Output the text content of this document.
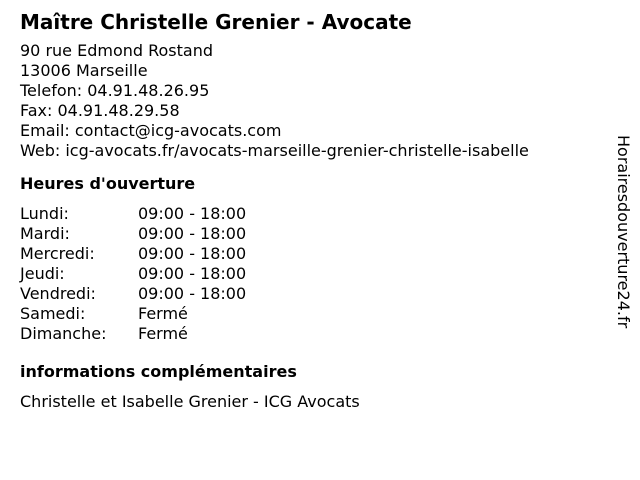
Maître Christelle Grenier - Avocate
90 rue Edmond Rostand
13006 Marseille
Telefon: 04.91.48.26.95
Fax: 04.91.48.29.58
Email: contact@icg-avocats.com
Web: icg-avocats.fr/avocats-marseille-grenier-christelle-isabelle
Heures d'ouverture
Lundi:	09:00 - 18:00
Mardi:	09:00 - 18:00
Mercredi:	09:00 - 18:00
Jeudi:	09:00 - 18:00
Vendredi:	09:00 - 18:00
Samedi:	Fermé
Dimanche:	Fermé
informations complémentaires
Christelle et Isabelle Grenier - ICG Avocats
Horairesdouverture24.fr
